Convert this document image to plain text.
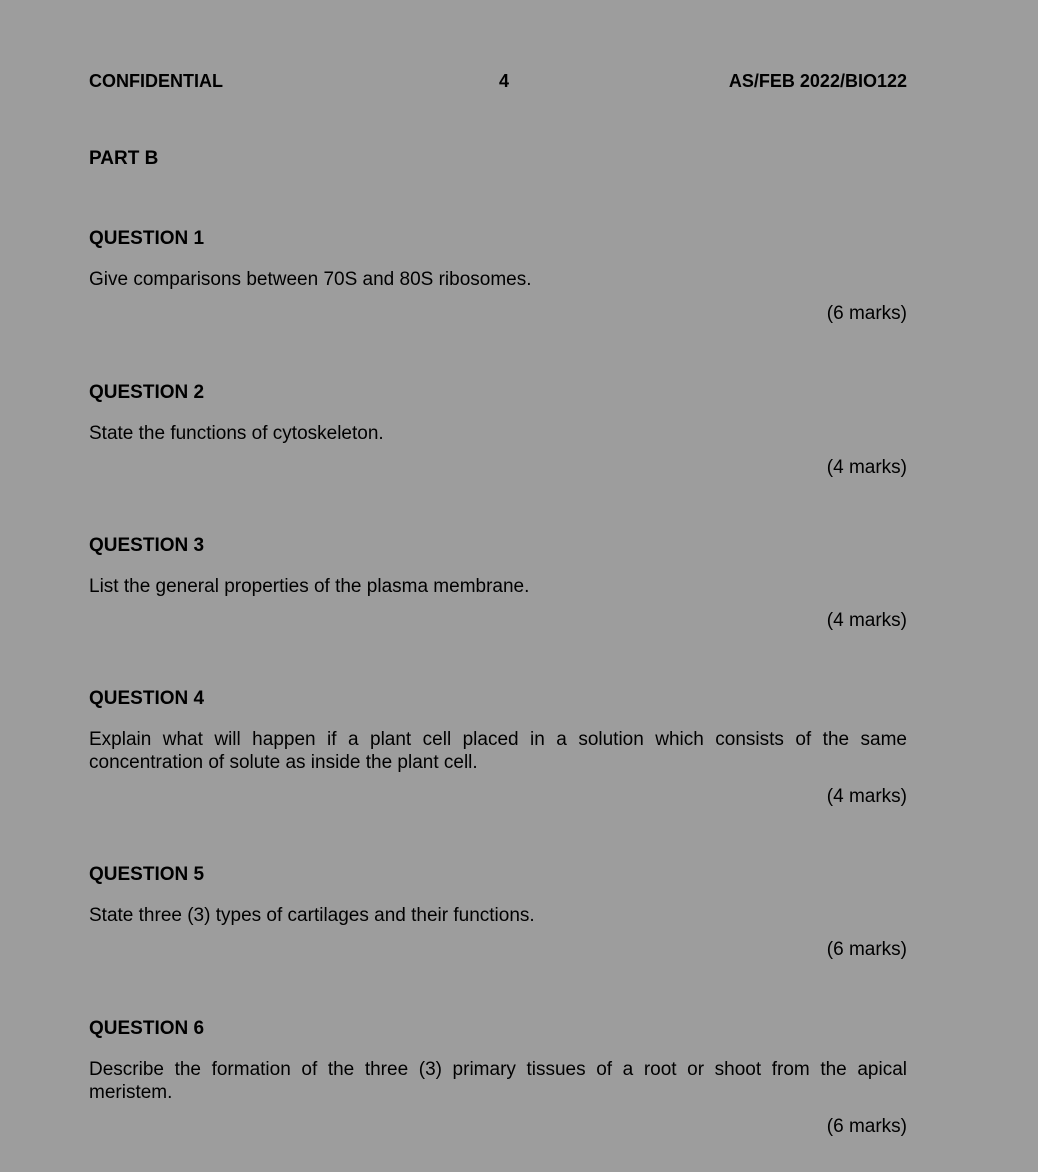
CONFIDENTIAL	4	AS/FEB 2022/BIO122
PART B
QUESTION 1
Give comparisons between 70S and 80S ribosomes.
(6 marks)
QUESTION 2
State the functions of cytoskeleton.
(4 marks)
QUESTION 3
List the general properties of the plasma membrane.
(4 marks)
QUESTION 4
Explain what will happen if a plant cell placed in a solution which consists of the same concentration of solute as inside the plant cell.
(4 marks)
QUESTION 5
State three (3) types of cartilages and their functions.
(6 marks)
QUESTION 6
Describe the formation of the three (3) primary tissues of a root or shoot from the apical meristem.
(6 marks)
